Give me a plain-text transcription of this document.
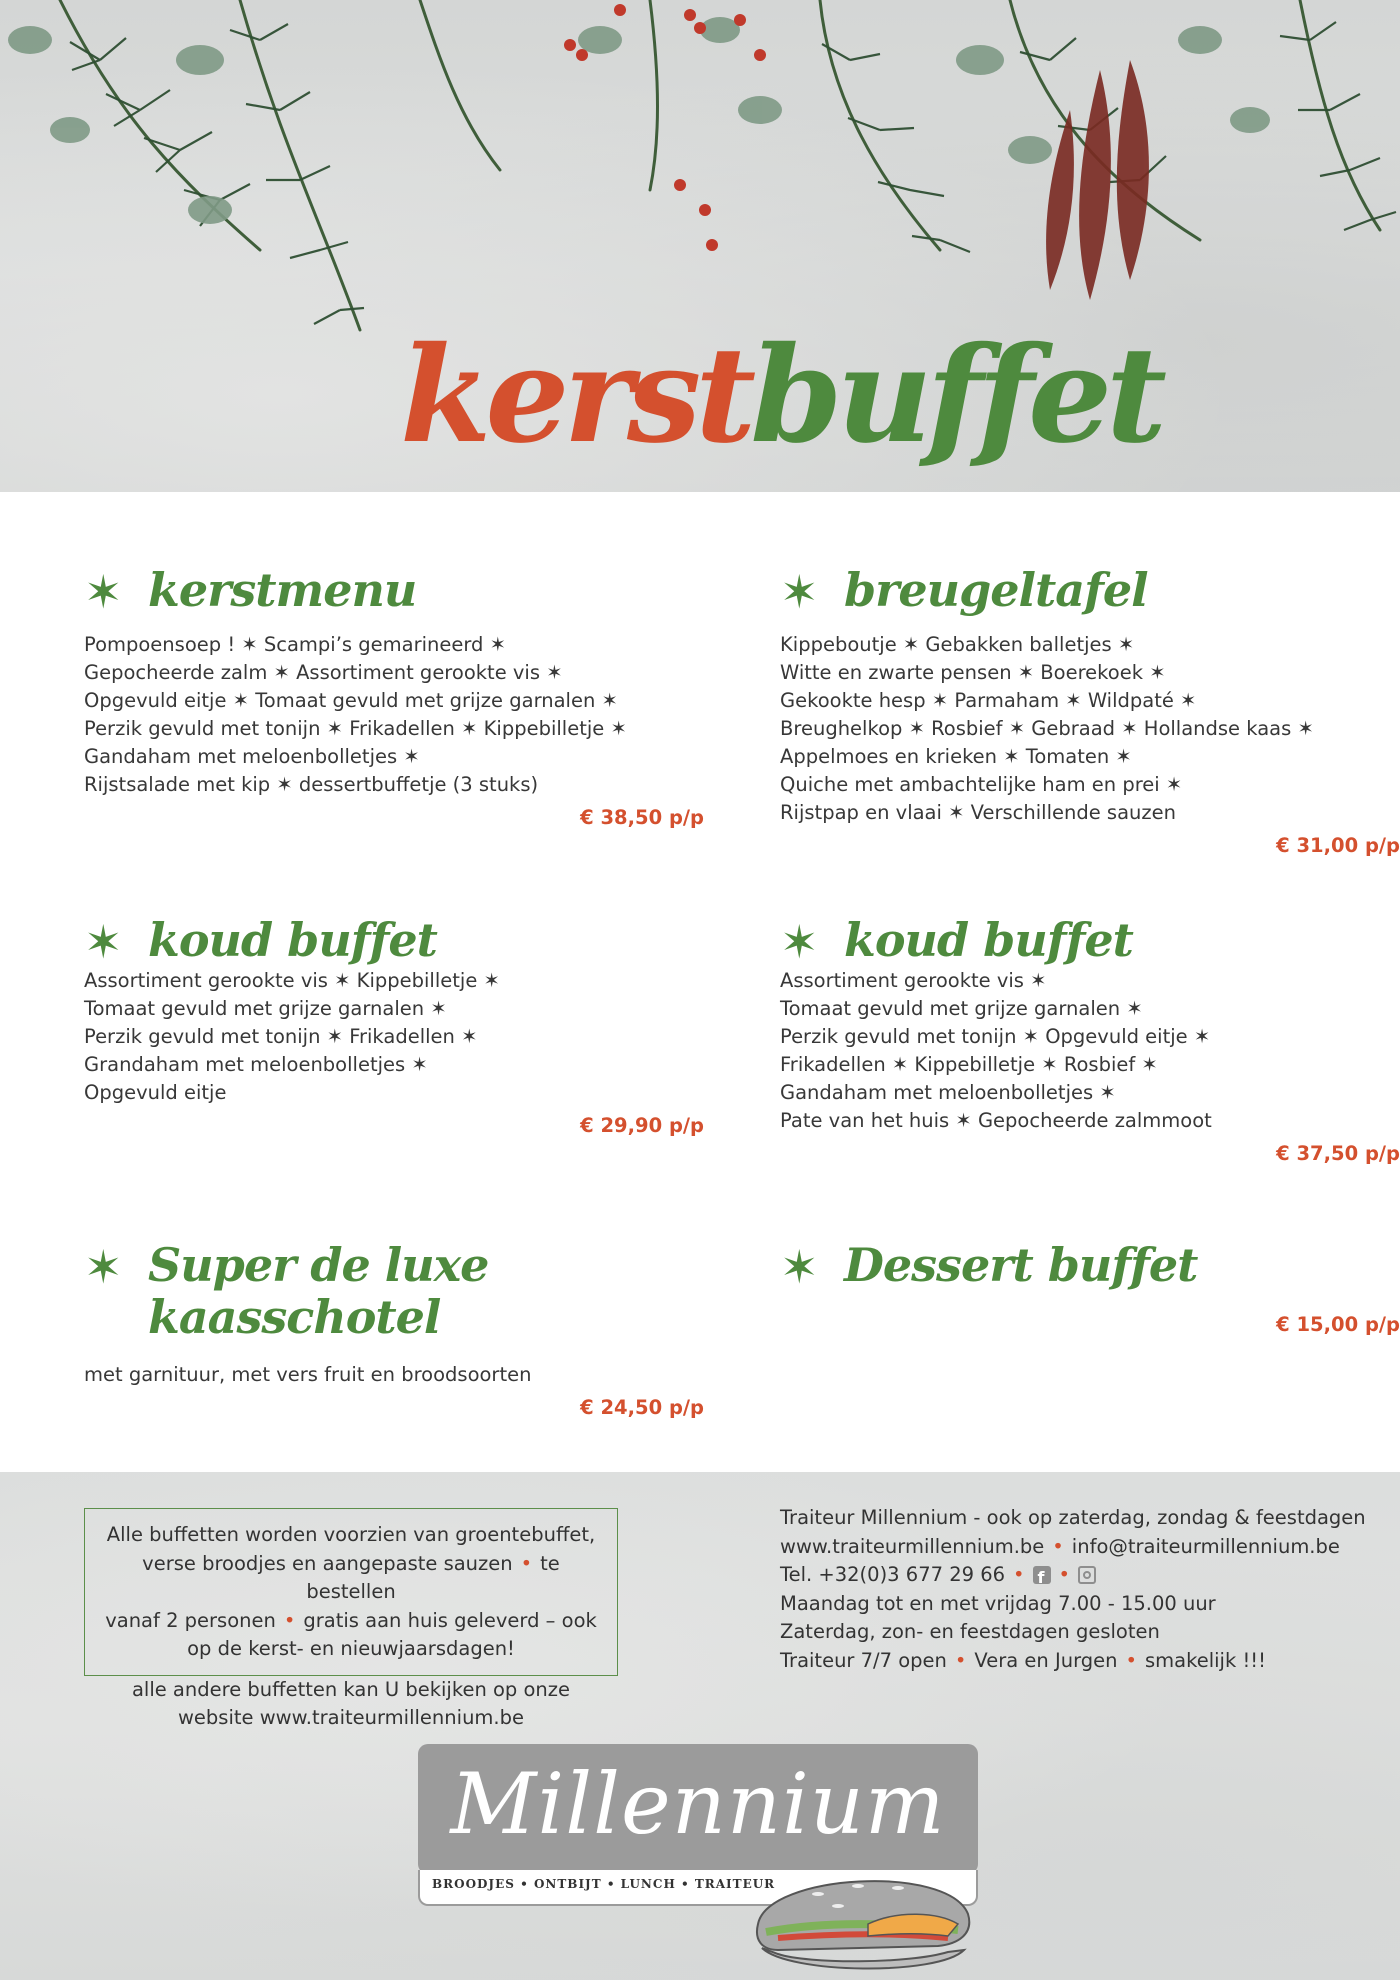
kerstbuffet
✶ kerstmenu
Pompoensoep ! ✶ Scampi’s gemarineerd ✶
Gepocheerde zalm ✶ Assortiment gerookte vis ✶
Opgevuld eitje ✶ Tomaat gevuld met grijze garnalen ✶
Perzik gevuld met tonijn ✶ Frikadellen ✶ Kippebilletje ✶
Gandaham met meloenbolletjes ✶
Rijstsalade met kip ✶ dessertbuffetje (3 stuks)
€ 38,50 p/p
✶ breugeltafel
Kippeboutje ✶ Gebakken balletjes ✶
Witte en zwarte pensen ✶ Boerekoek ✶
Gekookte hesp ✶ Parmaham ✶ Wildpaté ✶
Breughelkop ✶ Rosbief ✶ Gebraad ✶ Hollandse kaas ✶
Appelmoes en krieken ✶ Tomaten ✶
Quiche met ambachtelijke ham en prei ✶
Rijstpap en vlaai ✶ Verschillende sauzen
€ 31,00 p/p
✶ koud buffet
Assortiment gerookte vis ✶ Kippebilletje ✶
Tomaat gevuld met grijze garnalen ✶
Perzik gevuld met tonijn ✶ Frikadellen ✶
Grandaham met meloenbolletjes ✶
Opgevuld eitje
€ 29,90 p/p
✶ koud buffet
Assortiment gerookte vis ✶
Tomaat gevuld met grijze garnalen ✶
Perzik gevuld met tonijn ✶ Opgevuld eitje ✶
Frikadellen ✶ Kippebilletje ✶ Rosbief ✶
Gandaham met meloenbolletjes ✶
Pate van het huis ✶ Gepocheerde zalmmoot
€ 37,50 p/p
✶ Super de luxe
kaasschotel
met garnituur, met vers fruit en broodsoorten
€ 24,50 p/p
✶ Dessert buffet
€ 15,00 p/p

Alle buffetten worden voorzien van groentebuffet,

verse broodjes en aangepaste sauzen • te bestellen

vanaf 2 personen • gratis aan huis geleverd – ook

op de kerst- en nieuwjaarsdagen!

alle andere buffetten kan U bekijken op onze

website www.traiteurmillennium.be

Traiteur Millennium - ook op zaterdag, zondag & feestdagen
www.traiteurmillennium.be • info@traiteurmillennium.be
Tel. +32(0)3 677 29 66 •f •
Maandag tot en met vrijdag 7.00 - 15.00 uur
Zaterdag, zon- en feestdagen gesloten
Traiteur 7/7 open • Vera en Jurgen • smakelijk !!!
Millennium
BROODJES • ONTBIJT • LUNCH • TRAITEUR
